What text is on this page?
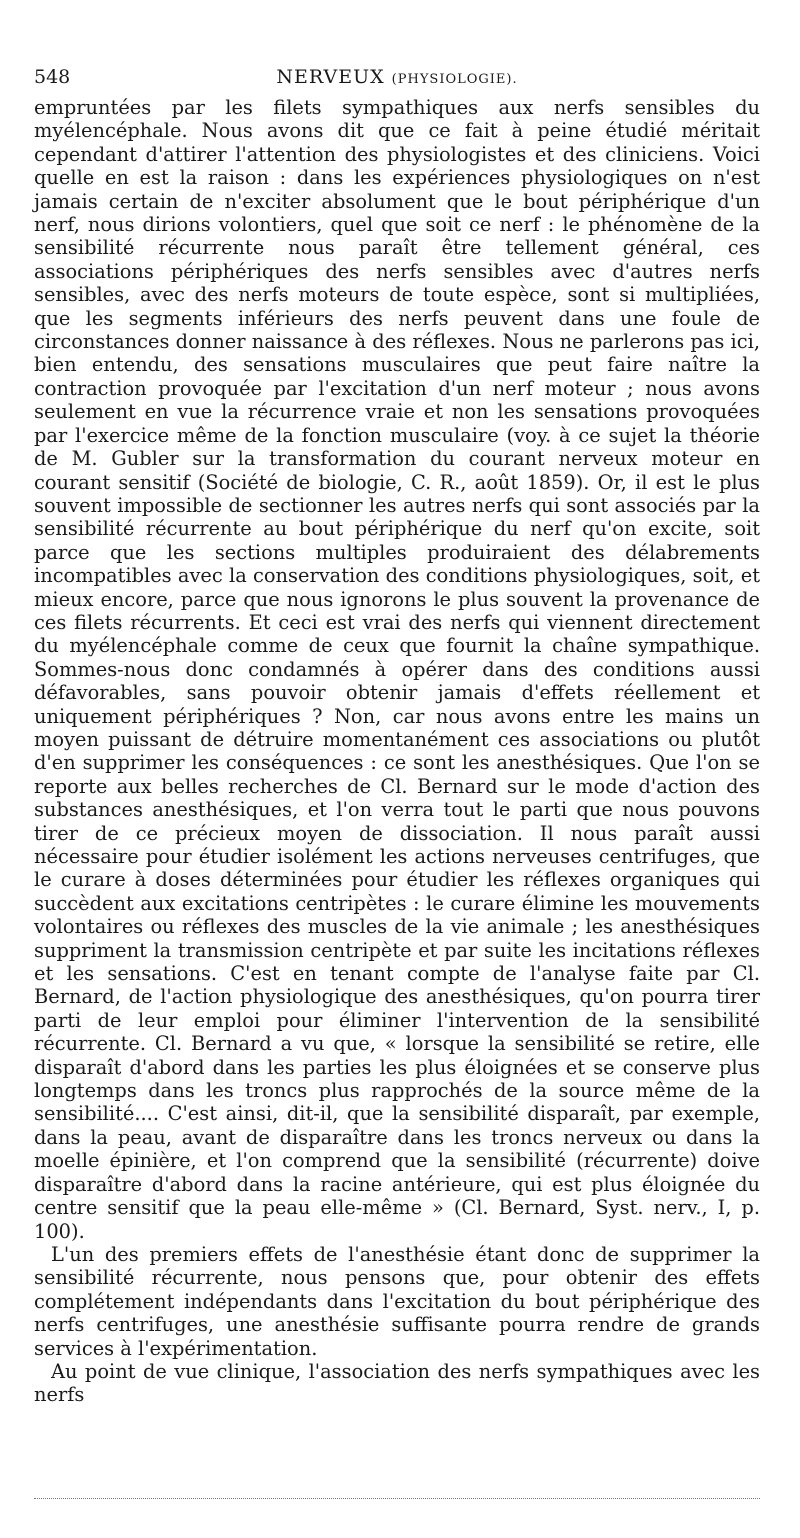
548	NERVEUX (PHYSIOLOGIE).

empruntées par les filets sympathiques aux nerfs sensibles du myélencéphale. Nous avons dit que ce fait à peine étudié méritait cependant d'attirer l'attention des physiologistes et des cliniciens. Voici quelle en est la raison : dans les expériences physiologiques on n'est jamais certain de n'exciter absolument que le bout périphérique d'un nerf, nous dirions volontiers, quel que soit ce nerf : le phénomène de la sensibilité récurrente nous paraît être tellement général, ces associations périphériques des nerfs sensibles avec d'autres nerfs sensibles, avec des nerfs moteurs de toute espèce, sont si multipliées, que les segments inférieurs des nerfs peuvent dans une foule de circonstances donner naissance à des réflexes. Nous ne parlerons pas ici, bien entendu, des sensations musculaires que peut faire naître la contraction provoquée par l'excitation d'un nerf moteur ; nous avons seulement en vue la récurrence vraie et non les sensations provoquées par l'exercice même de la fonction musculaire (voy. à ce sujet la théorie de M. Gubler sur la transformation du courant nerveux moteur en courant sensitif (Société de biologie, C. R., août 1859). Or, il est le plus souvent impossible de sectionner les autres nerfs qui sont associés par la sensibilité récurrente au bout périphérique du nerf qu'on excite, soit parce que les sections multiples produiraient des délabrements incompatibles avec la conservation des conditions physiologiques, soit, et mieux encore, parce que nous ignorons le plus souvent la provenance de ces filets récurrents. Et ceci est vrai des nerfs qui viennent directement du myélencéphale comme de ceux que fournit la chaîne sympathique. Sommes-nous donc condamnés à opérer dans des conditions aussi défavorables, sans pouvoir obtenir jamais d'effets réellement et uniquement périphériques ? Non, car nous avons entre les mains un moyen puissant de détruire momentanément ces associations ou plutôt d'en supprimer les conséquences : ce sont les anesthésiques. Que l'on se reporte aux belles recherches de Cl. Bernard sur le mode d'action des substances anesthésiques, et l'on verra tout le parti que nous pouvons tirer de ce précieux moyen de dissociation. Il nous paraît aussi nécessaire pour étudier isolément les actions nerveuses centrifuges, que le curare à doses déterminées pour étudier les réflexes organiques qui succèdent aux excitations centripètes : le curare élimine les mouvements volontaires ou réflexes des muscles de la vie animale ; les anesthésiques suppriment la transmission centripète et par suite les incitations réflexes et les sensations. C'est en tenant compte de l'analyse faite par Cl. Bernard, de l'action physiologique des anesthésiques, qu'on pourra tirer parti de leur emploi pour éliminer l'intervention de la sensibilité récurrente. Cl. Bernard a vu que, « lorsque la sensibilité se retire, elle disparaît d'abord dans les parties les plus éloignées et se conserve plus longtemps dans les troncs plus rapprochés de la source même de la sensibilité.... C'est ainsi, dit-il, que la sensibilité disparaît, par exemple, dans la peau, avant de disparaître dans les troncs nerveux ou dans la moelle épinière, et l'on comprend que la sensibilité (récurrente) doive disparaître d'abord dans la racine antérieure, qui est plus éloignée du centre sensitif que la peau elle-même » (Cl. Bernard, Syst. nerv., I, p. 100).

L'un des premiers effets de l'anesthésie étant donc de supprimer la sensibilité récurrente, nous pensons que, pour obtenir des effets complétement indépendants dans l'excitation du bout périphérique des nerfs centrifuges, une anesthésie suffisante pourra rendre de grands services à l'expérimentation.

Au point de vue clinique, l'association des nerfs sympathiques avec les nerfs
